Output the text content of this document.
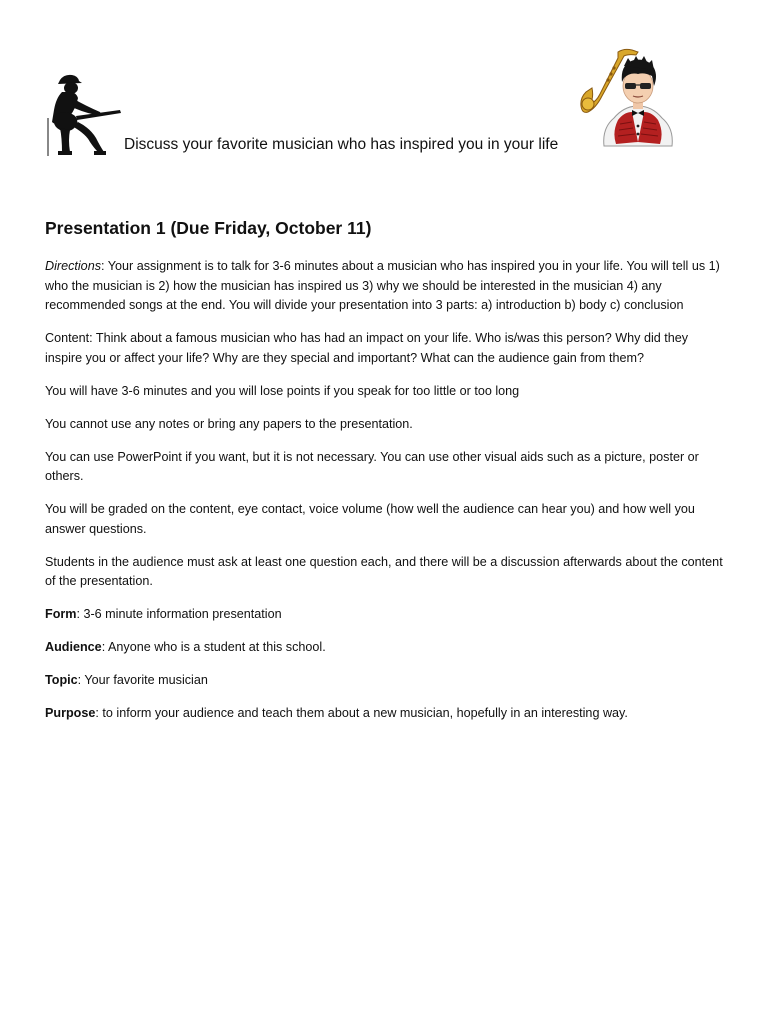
Discuss your favorite musician who has inspired you in your life
Presentation 1 (Due Friday, October 11)

Directions: Your assignment is to talk for 3-6 minutes about a musician who has inspired you in your life. You will tell us 1) who the musician is 2) how the musician has inspired us 3) why we should be interested in the musician 4) any recommended songs at the end. You will divide your presentation into 3 parts: a) introduction b) body c) conclusion

Content: Think about a famous musician who has had an impact on your life. Who is/was this person? Why did they inspire you or affect your life? Why are they special and important? What can the audience gain from them?

You will have 3-6 minutes and you will lose points if you speak for too little or too long

You cannot use any notes or bring any papers to the presentation.

You can use PowerPoint if you want, but it is not necessary. You can use other visual aids such as a picture, poster or others.

You will be graded on the content, eye contact, voice volume (how well the audience can hear you) and how well you answer questions.

Students in the audience must ask at least one question each, and there will be a discussion afterwards about the content of the presentation.

Form: 3-6 minute information presentation

Audience: Anyone who is a student at this school.

Topic: Your favorite musician

Purpose: to inform your audience and teach them about a new musician, hopefully in an interesting way.
